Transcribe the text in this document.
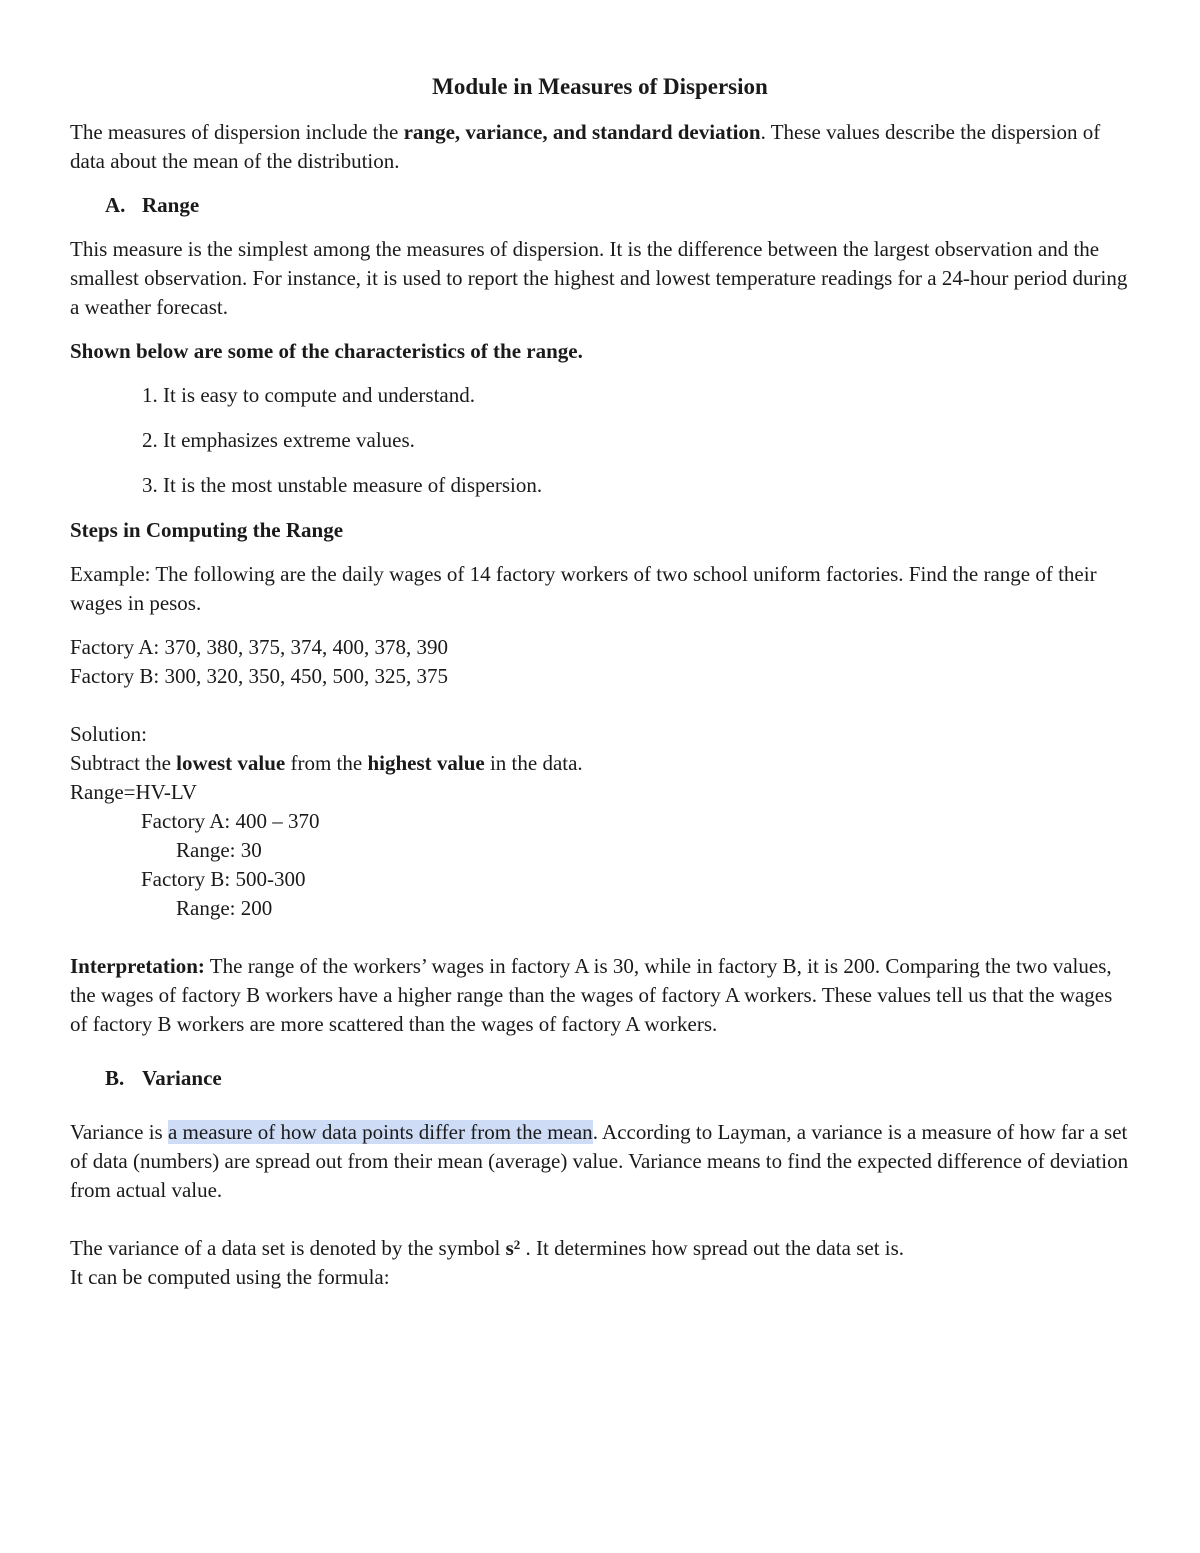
Module in Measures of Dispersion

The measures of dispersion include the range, variance, and standard deviation. These values describe the dispersion of data about the mean of the distribution.

A. Range

This measure is the simplest among the measures of dispersion. It is the difference between the largest observation and the smallest observation. For instance, it is used to report the highest and lowest temperature readings for a 24-hour period during a weather forecast.

Shown below are some of the characteristics of the range.

1. It is easy to compute and understand.

2. It emphasizes extreme values.

3. It is the most unstable measure of dispersion.

Steps in Computing the Range

Example: The following are the daily wages of 14 factory workers of two school uniform factories. Find the range of their wages in pesos.

Factory A: 370, 380, 375, 374, 400, 378, 390

Factory B: 300, 320, 350, 450, 500, 325, 375

Solution:

Subtract the lowest value from the highest value in the data.

Range=HV-LV

Factory A: 400 – 370

Range: 30

Factory B: 500-300

Range: 200

Interpretation: The range of the workers’ wages in factory A is 30, while in factory B, it is 200. Comparing the two values, the wages of factory B workers have a higher range than the wages of factory A workers. These values tell us that the wages of factory B workers are more scattered than the wages of factory A workers.

B. Variance

Variance is a measure of how data points differ from the mean. According to Layman, a variance is a measure of how far a set of data (numbers) are spread out from their mean (average) value. Variance means to find the expected difference of deviation from actual value.

The variance of a data set is denoted by the symbol $s^2$ . It determines how spread out the data set is.

It can be computed using the formula:
